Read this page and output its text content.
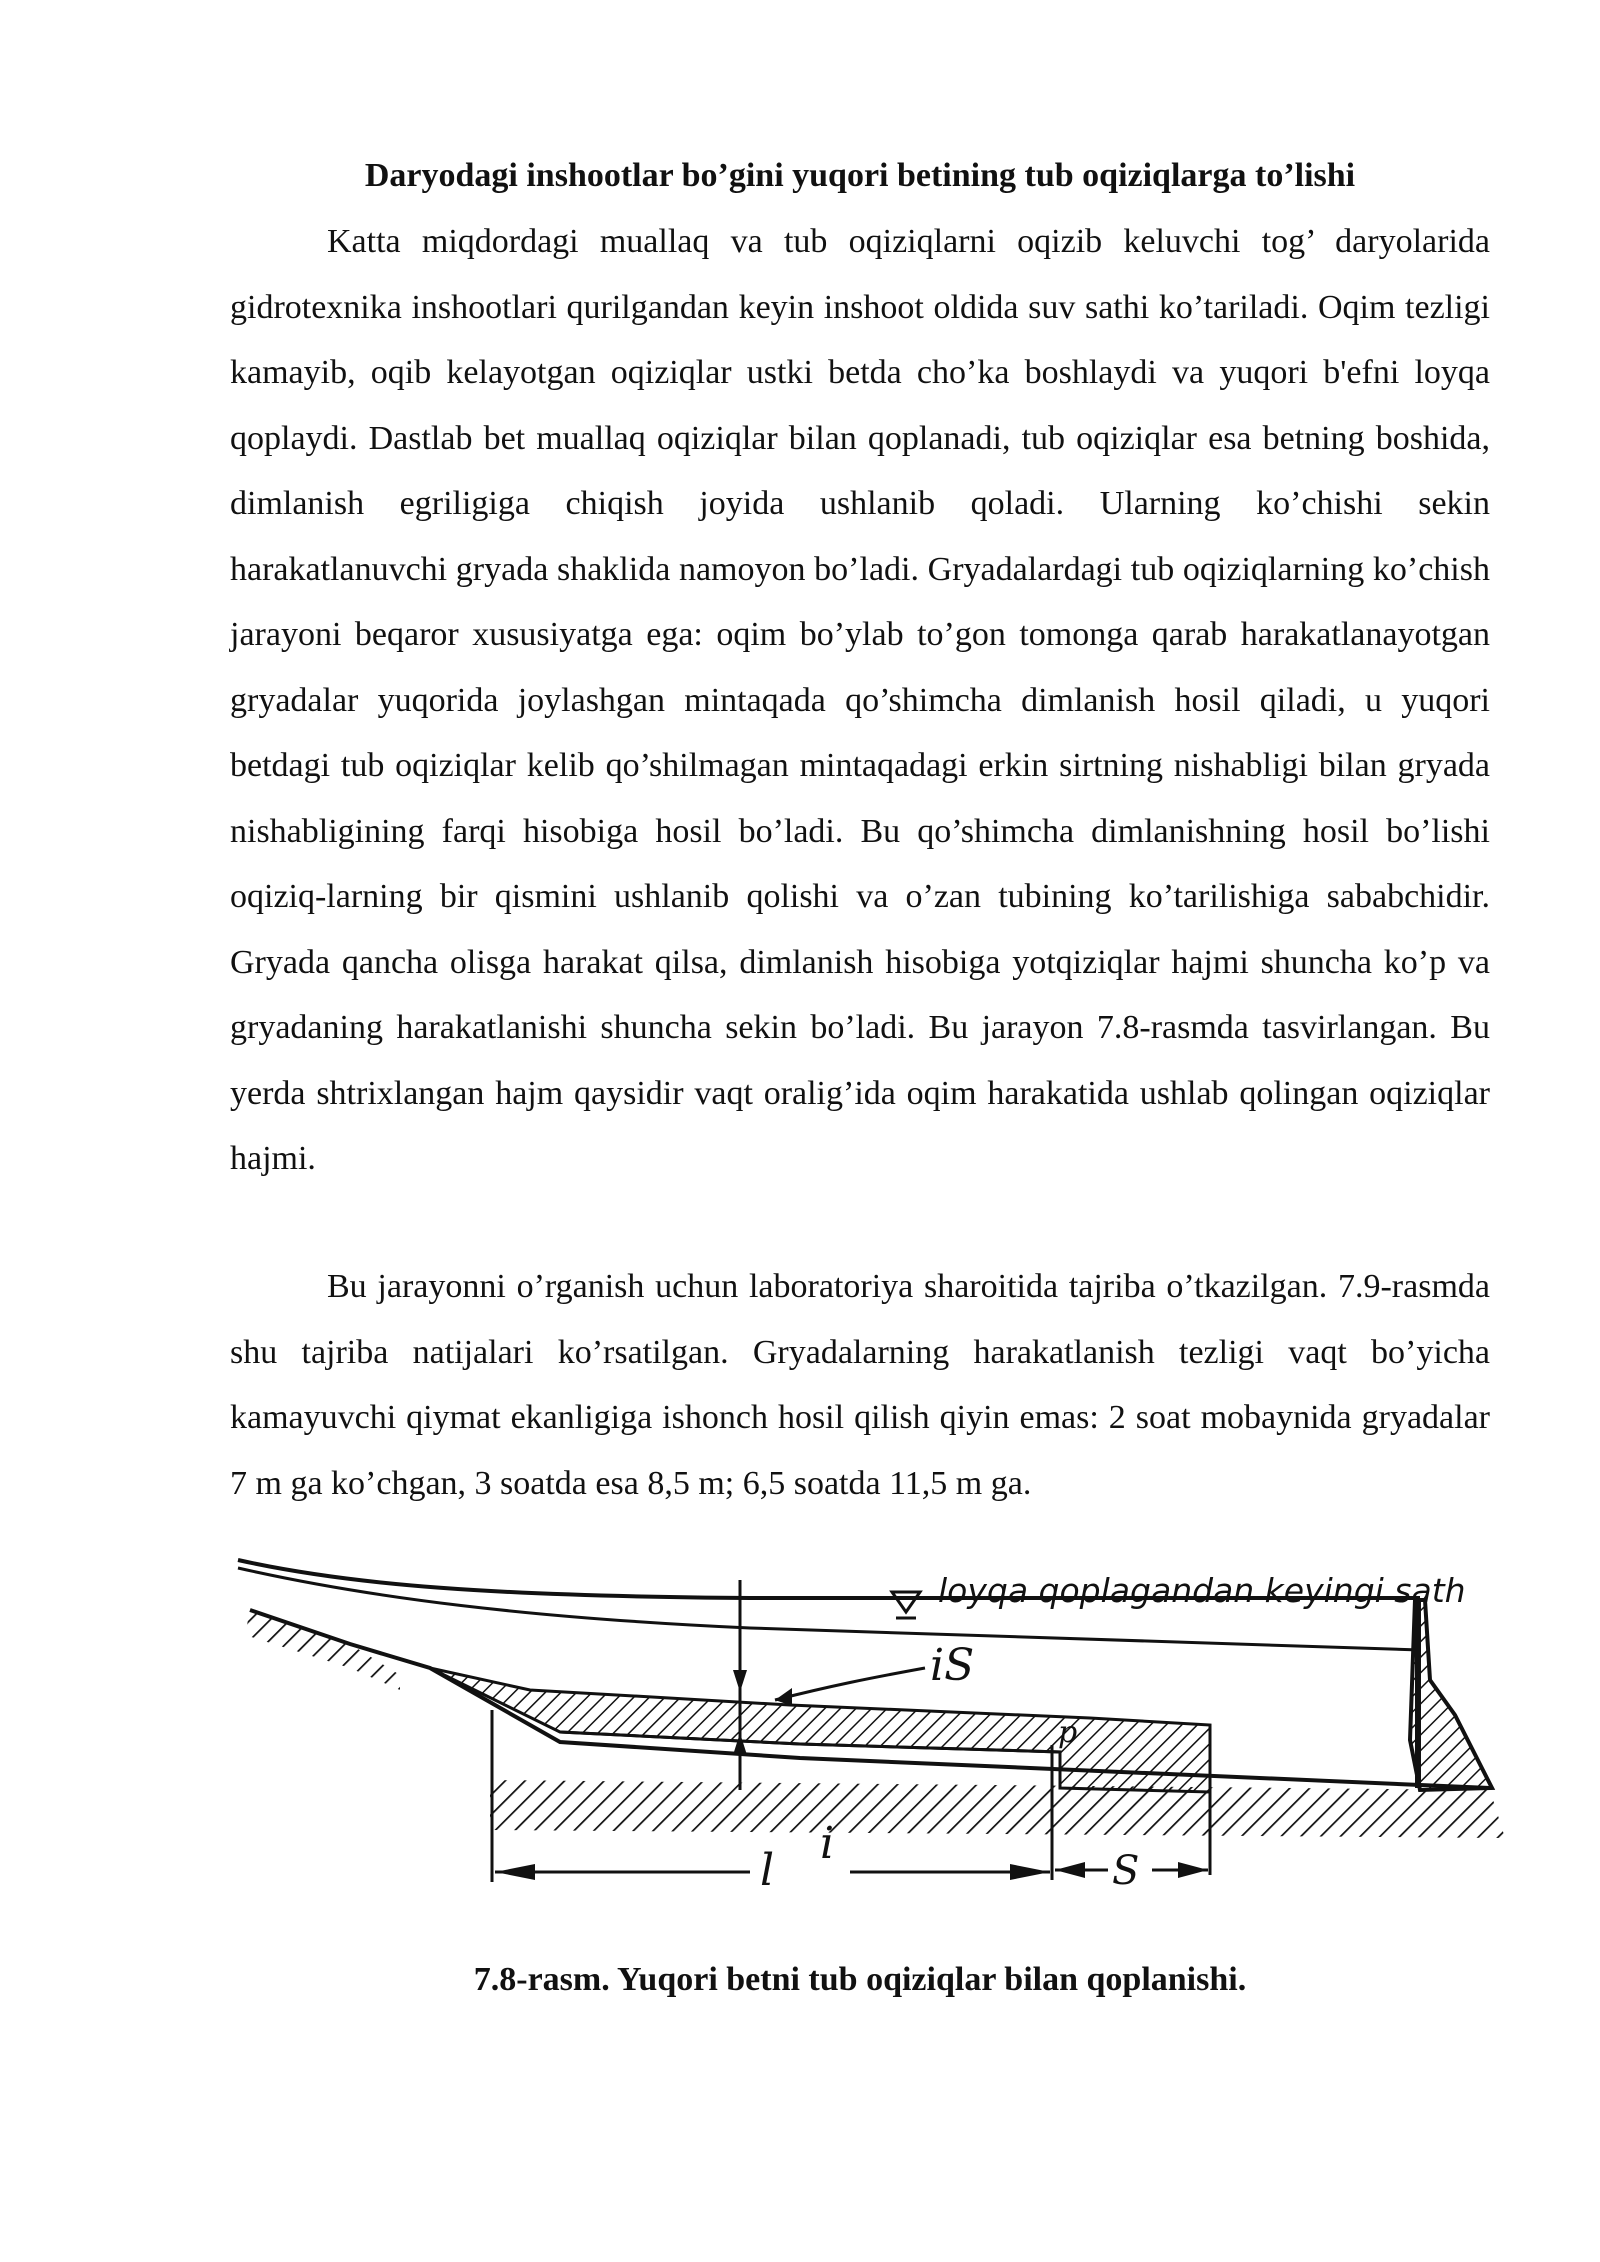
Daryodagi inshootlar bo’gini yuqori betining tub oqiziqlarga to’lishi

Katta miqdordagi muallaq va tub oqiziqlarni oqizib keluvchi tog’ daryolarida gidrotexnika inshootlari qurilgandan keyin inshoot oldida suv sathi ko’tariladi. Oqim tezligi kamayib, oqib kelayotgan oqiziqlar ustki betda cho’ka boshlaydi va yuqori b'efni loyqa qoplaydi. Dastlab bet muallaq oqiziqlar bilan qoplanadi, tub oqiziqlar esa betning boshida, dimlanish egriligiga chiqish joyida ushlanib qoladi. Ularning ko’chishi sekin harakatlanuvchi gryada shaklida namoyon bo’ladi. Gryadalardagi tub oqiziqlarning ko’chish jarayoni beqaror xususiyatga ega: oqim bo’ylab to’gon tomonga qarab harakatlanayotgan gryadalar yuqorida joylashgan mintaqada qo’shimcha dimlanish hosil qiladi, u yuqori betdagi tub oqiziqlar kelib qo’shilmagan mintaqadagi erkin sirtning nishabligi bilan gryada nishabligining farqi hisobiga hosil bo’ladi. Bu qo’shimcha dimlanishning hosil bo’lishi oqiziq-larning bir qismini ushlanib qolishi va o’zan tubining ko’tarilishiga sababchidir. Gryada qancha olisga harakat qilsa, dimlanish hisobiga yotqiziqlar hajmi shuncha ko’p va gryadaning harakatlanishi shuncha sekin bo’ladi. Bu jarayon 7.8-rasmda tasvirlangan. Bu yerda shtrixlangan hajm qaysidir vaqt oralig’ida oqim harakatida ushlab qolingan oqiziqlar hajmi.

Bu jarayonni o’rganish uchun laboratoriya sharoitida tajriba o’tkazilgan. 7.9-rasmda shu tajriba natijalari ko’rsatilgan. Gryadalarning harakatlanish tezligi vaqt bo’yicha kamayuvchi qiymat ekanligiga ishonch hosil qilish qiyin emas: 2 soat mobaynida gryadalar 7 m ga ko’chgan, 3 soatda esa 8,5 m; 6,5 soatda 11,5 m ga.

loyqa qoplagandan keyingi sath
iS
p
l
i
S
7.8-rasm. Yuqori betni tub oqiziqlar bilan qoplanishi.
